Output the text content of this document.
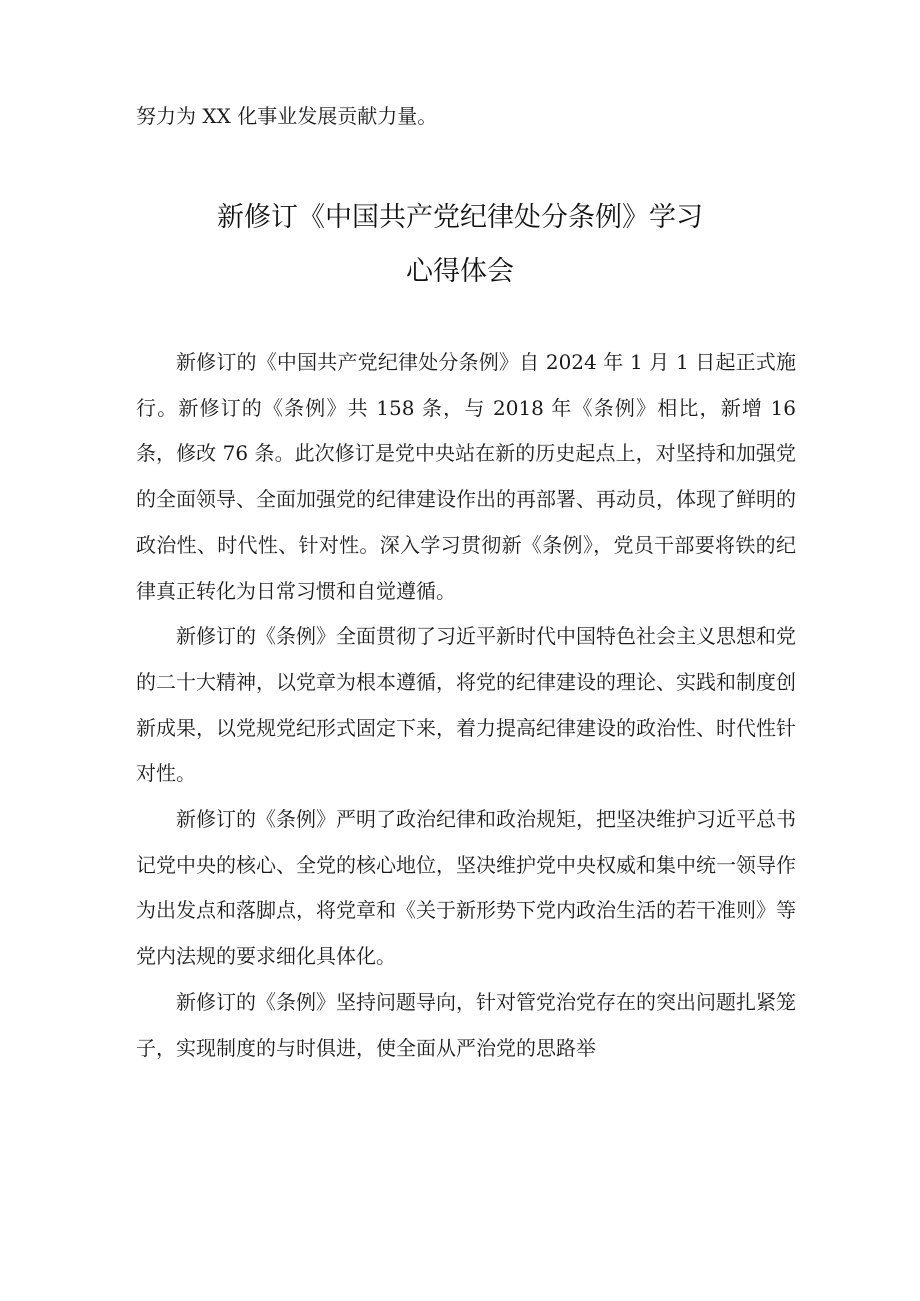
努力为 XX 化事业发展贡献力量。
新修订《中国共产党纪律处分条例》学习
心得体会

新修订的《中国共产党纪律处分条例》自 2024 年 1 月 1 日起正式施行。新修订的《条例》共 158 条，与 2018 年《条例》相比，新增 16 条，修改 76 条。此次修订是党中央站在新的历史起点上，对坚持和加强党的全面领导、全面加强党的纪律建设作出的再部署、再动员，体现了鲜明的政治性、时代性、针对性。深入学习贯彻新《条例》，党员干部要将铁的纪律真正转化为日常习惯和自觉遵循。

新修订的《条例》全面贯彻了习近平新时代中国特色社会主义思想和党的二十大精神，以党章为根本遵循，将党的纪律建设的理论、实践和制度创新成果，以党规党纪形式固定下来，着力提高纪律建设的政治性、时代性针对性。

新修订的《条例》严明了政治纪律和政治规矩，把坚决维护习近平总书记党中央的核心、全党的核心地位，坚决维护党中央权威和集中统一领导作为出发点和落脚点，将党章和《关于新形势下党内政治生活的若干准则》等党内法规的要求细化具体化。

新修订的《条例》坚持问题导向，针对管党治党存在的突出问题扎紧笼子，实现制度的与时俱进，使全面从严治党的思路举
